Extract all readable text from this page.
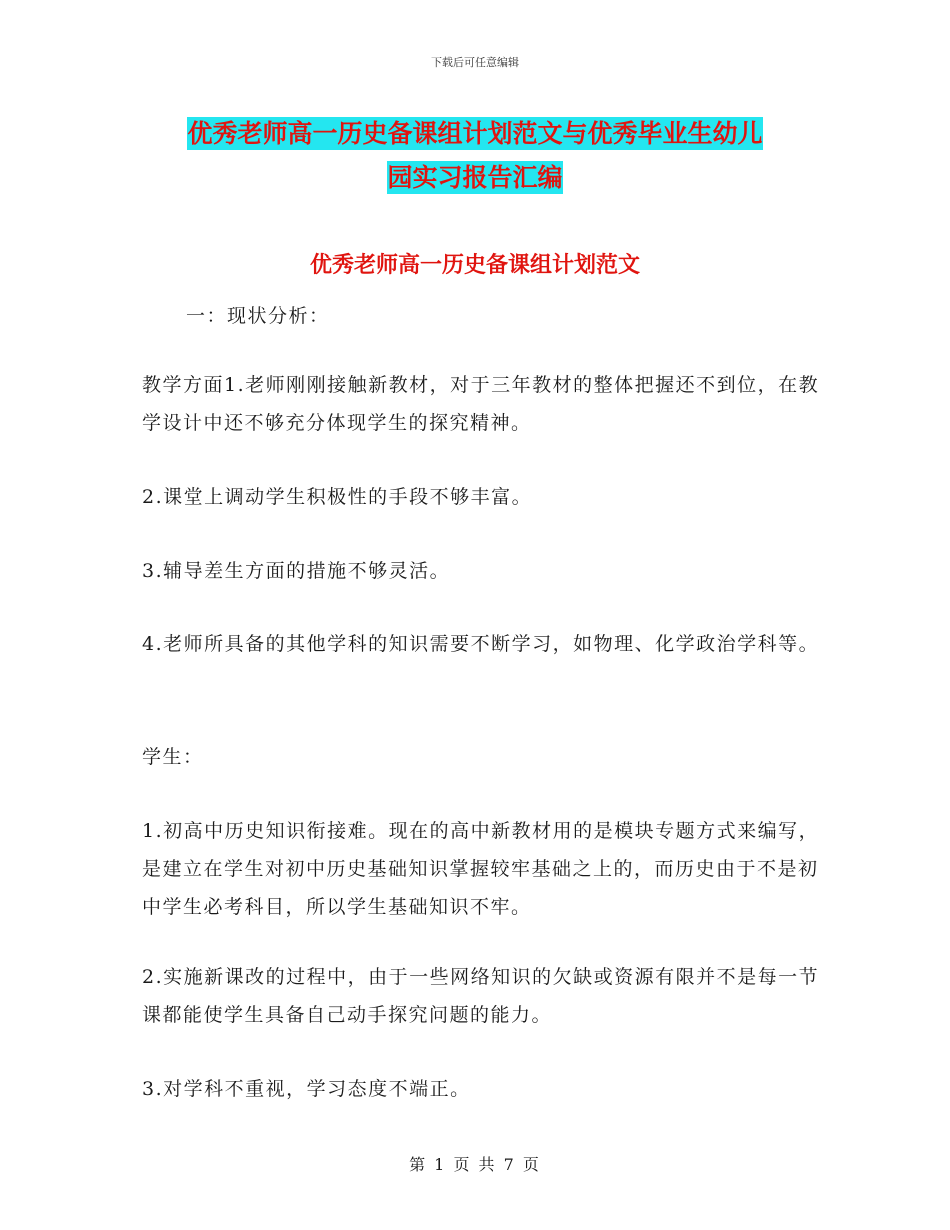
下载后可任意编辑
优秀老师高一历史备课组计划范文与优秀毕业生幼儿
园实习报告汇编
优秀老师高一历史备课组计划范文

一：现状分析：

教学方面1.老师刚刚接触新教材，对于三年教材的整体把握还不到位，在教学设计中还不够充分体现学生的探究精神。

2.课堂上调动学生积极性的手段不够丰富。

3.辅导差生方面的措施不够灵活。

4.老师所具备的其他学科的知识需要不断学习，如物理、化学政治学科等。

学生：

1.初高中历史知识衔接难。现在的高中新教材用的是模块专题方式来编写，是建立在学生对初中历史基础知识掌握较牢基础之上的，而历史由于不是初中学生必考科目，所以学生基础知识不牢。

2.实施新课改的过程中，由于一些网络知识的欠缺或资源有限并不是每一节课都能使学生具备自己动手探究问题的能力。

3.对学科不重视，学习态度不端正。

第 1 页 共 7 页
